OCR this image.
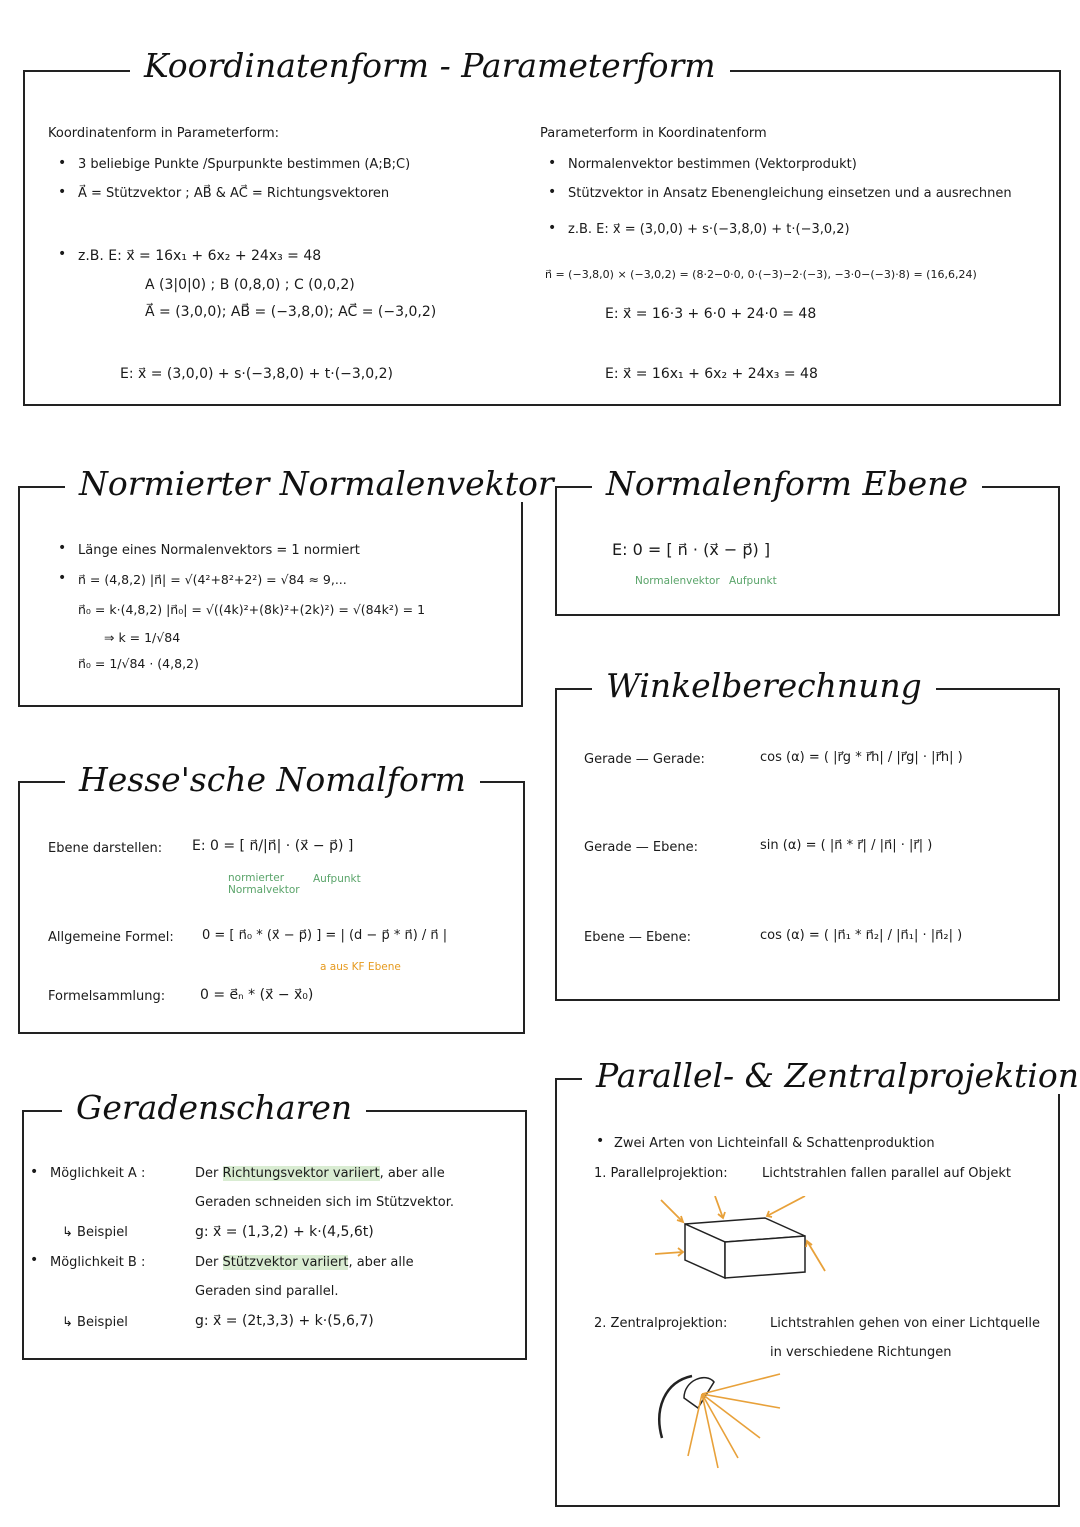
Koordinatenform - Parameterform
Koordinatenform in Parameterform:
• 3 beliebige Punkte /Spurpunkte bestimmen (A;B;C)
• A⃗ = Stützvektor ; AB⃗ & AC⃗ = Richtungsvektoren
• z.B. E: x⃗ = 16x₁ + 6x₂ + 24x₃ = 48
A (3|0|0) ; B (0,8,0) ; C (0,0,2)
A⃗ = (3,0,0); AB⃗ = (−3,8,0); AC⃗ = (−3,0,2)
E: x⃗ = (3,0,0) + s·(−3,8,0) + t·(−3,0,2)
Parameterform in Koordinatenform
• Normalenvektor bestimmen (Vektorprodukt)
• Stützvektor in Ansatz Ebenengleichung einsetzen und a ausrechnen
• z.B. E: x⃗ = (3,0,0) + s·(−3,8,0) + t·(−3,0,2)
n⃗ = (−3,8,0) × (−3,0,2) = (8·2−0·0, 0·(−3)−2·(−3), −3·0−(−3)·8) = (16,6,24)
E: x⃗ = 16·3 + 6·0 + 24·0 = 48
E: x⃗ = 16x₁ + 6x₂ + 24x₃ = 48
Normierter Normalenvektor
• Länge eines Normalenvektors = 1 normiert
• n⃗ = (4,8,2) |n⃗| = √(4²+8²+2²) = √84 ≈ 9,...
n⃗₀ = k·(4,8,2) |n⃗₀| = √((4k)²+(8k)²+(2k)²) = √(84k²) = 1
⇒ k = 1/√84
n⃗₀ = 1/√84 · (4,8,2)
Normalenform Ebene
E: 0 = [ n⃗ · (x⃗ − p⃗) ]
Normalenvektor Aufpunkt
Winkelberechnung
Gerade — Gerade:	cos (α) = ( |r⃗g * r⃗h| / |r⃗g| · |r⃗h| )
Gerade — Ebene:	sin (α) = ( |n⃗ * r⃗| / |n⃗| · |r⃗| )
Ebene — Ebene:	cos (α) = ( |n⃗₁ * n⃗₂| / |n⃗₁| · |n⃗₂| )
Hesse'sche Nomalform
Ebene darstellen: E: 0 = [ n⃗/|n⃗| · (x⃗ − p⃗) ]
normierter Normalvektor
Aufpunkt
Allgemeine Formel: 0 = [ n⃗₀ * (x⃗ − p⃗) ] = | (d − p⃗ * n⃗) / n⃗ |
a aus KF Ebene
Formelsammlung: 0 = e⃗ₙ * (x⃗ − x⃗₀)
Geradenscharen
• Möglichkeit A :	Der Richtungsvektor variiert, aber alle
Geraden schneiden sich im Stützvektor.
↳ Beispiel	g: x⃗ = (1,3,2) + k·(4,5,6t)
• Möglichkeit B :	Der Stützvektor variiert, aber alle
Geraden sind parallel.
↳ Beispiel	g: x⃗ = (2t,3,3) + k·(5,6,7)
Parallel- & Zentralprojektion
• Zwei Arten von Lichteinfall & Schattenproduktion
1. Parallelprojektion:	Lichtstrahlen fallen parallel auf Objekt
2. Zentralprojektion:	Lichtstrahlen gehen von einer Lichtquelle
in verschiedene Richtungen
